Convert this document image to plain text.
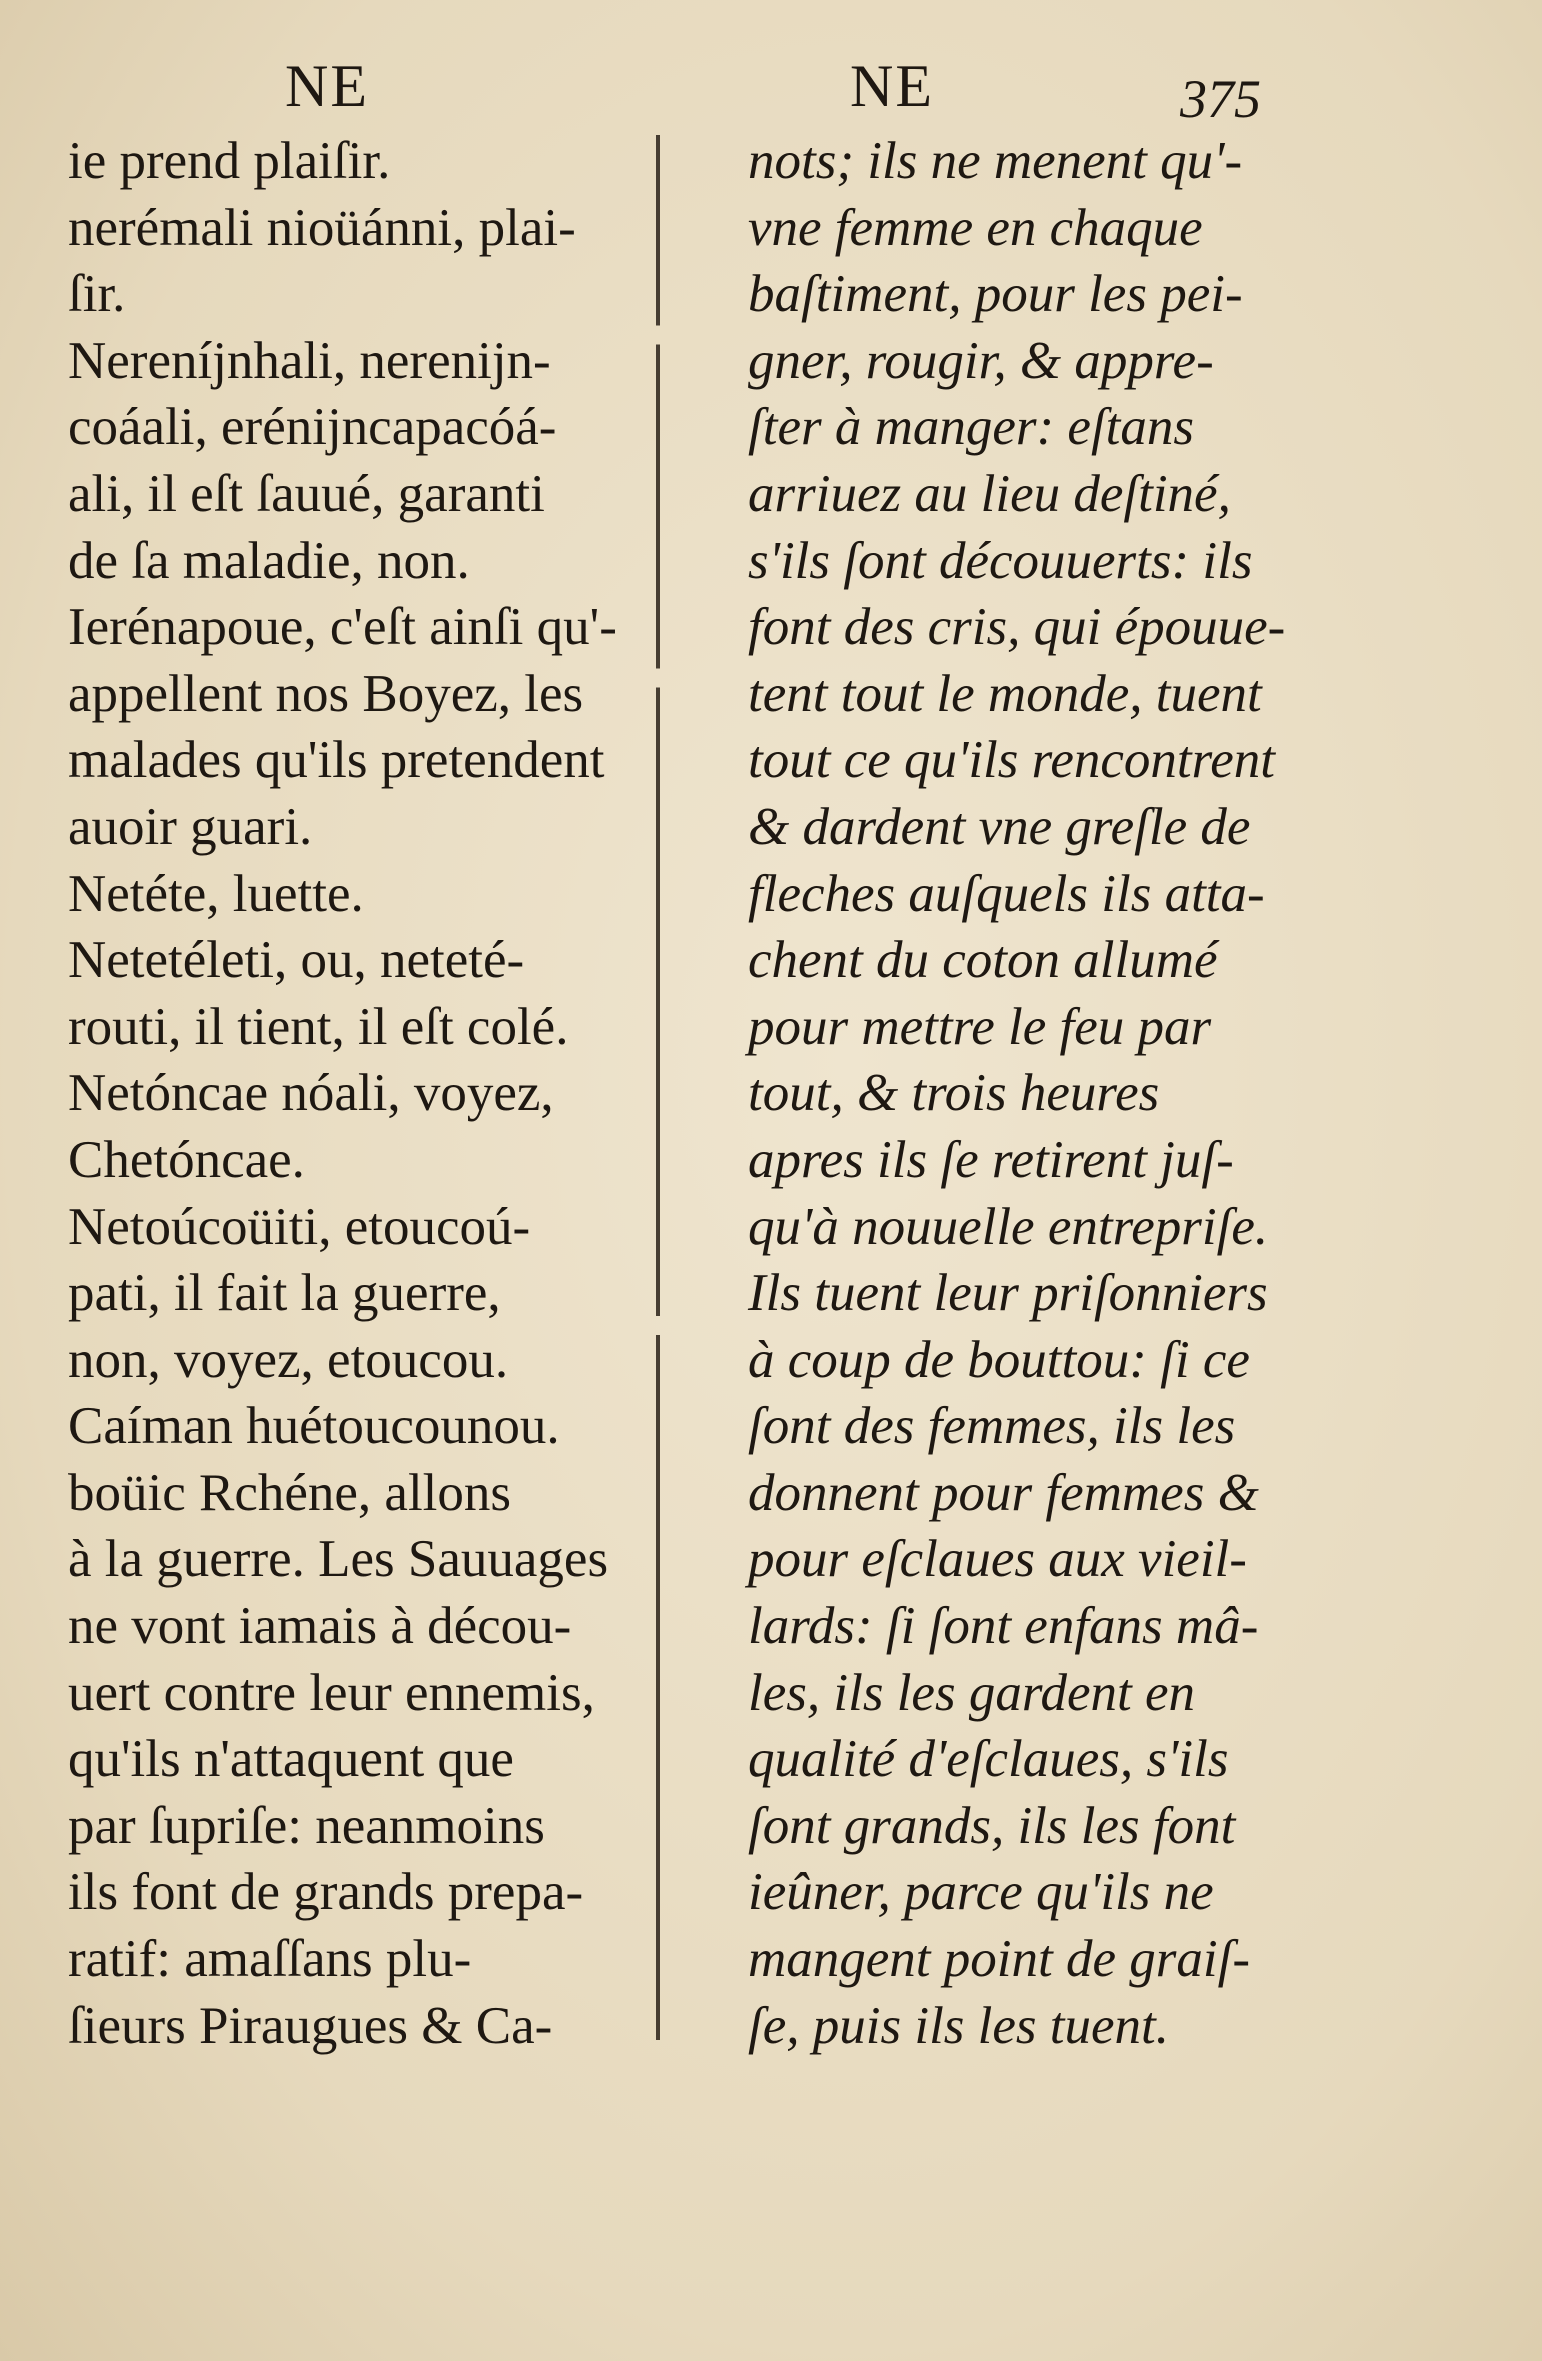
NE	NE	375
ie prend plaiſir.
nerémali nioüánni, plai-
ſir.
Nereníjnhali, nerenijn-
coáali, erénijncapacóá-
ali, il eſt ſauué, garanti
de ſa maladie, non.
Ierénapoue, c'eſt ainſi qu'-
appellent nos Boyez, les
malades qu'ils pretendent
auoir guari.
Netéte, luette.
Netetéleti, ou, neteté-
routi, il tient, il eſt colé.
Netóncae nóali, voyez,
Chetóncae.
Netoúcoüiti, etoucoú-
pati, il fait la guerre,
non, voyez, etoucou.
Caíman huétoucounou.
boüic Rchéne, allons
à la guerre. Les Sauuages
ne vont iamais à décou-
uert contre leur ennemis,
qu'ils n'attaquent que
par ſupriſe: neanmoins
ils font de grands prepa-
ratif: amaſſans plu-
ſieurs Piraugues & Ca-
nots; ils ne menent qu'-
vne femme en chaque
baſtiment, pour les pei-
gner, rougir, & appre-
ſter à manger: eſtans
arriuez au lieu deſtiné,
s'ils ſont découuerts: ils
font des cris, qui épouue-
tent tout le monde, tuent
tout ce qu'ils rencontrent
& dardent vne greſle de
fleches auſquels ils atta-
chent du coton allumé
pour mettre le feu par
tout, & trois heures
apres ils ſe retirent juſ-
qu'à nouuelle entrepriſe.
Ils tuent leur priſonniers
à coup de bouttou: ſi ce
ſont des femmes, ils les
donnent pour femmes &
pour eſclaues aux vieil-
lards: ſi ſont enfans mâ-
les, ils les gardent en
qualité d'eſclaues, s'ils
ſont grands, ils les font
ieûner, parce qu'ils ne
mangent point de graiſ-
ſe, puis ils les tuent.
